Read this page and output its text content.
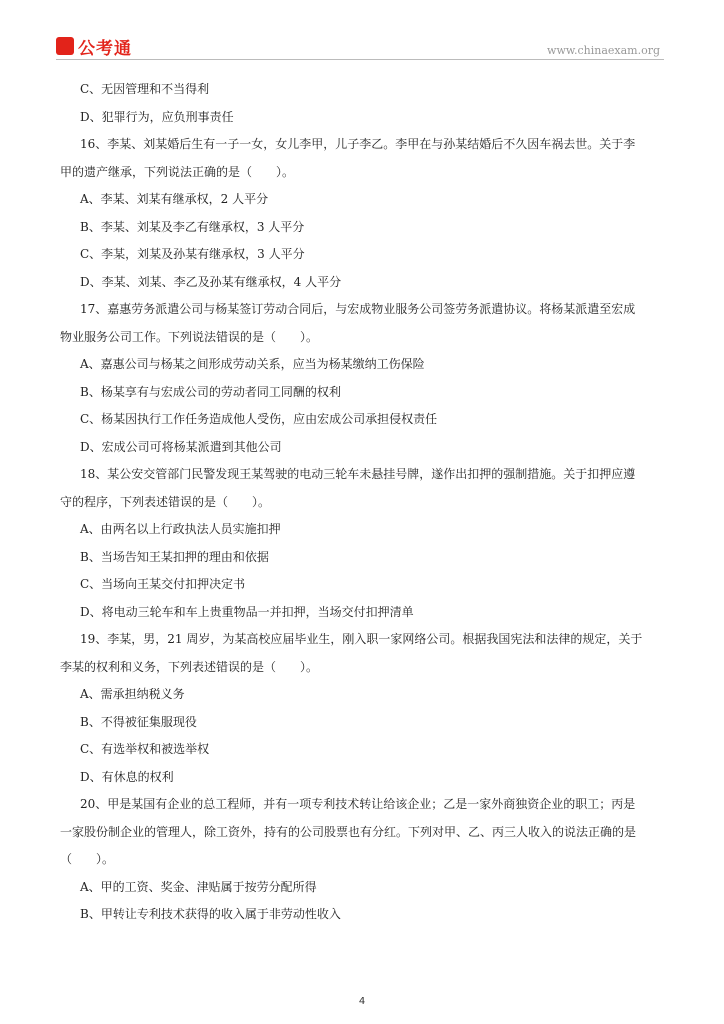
公考通	www.chinaexam.org
C、无因管理和不当得利
D、犯罪行为，应负刑事责任
16、李某、刘某婚后生有一子一女，女儿李甲，儿子李乙。李甲在与孙某结婚后不久因车祸去世。关于李
甲的遗产继承，下列说法正确的是（　　）。
A、李某、刘某有继承权，2 人平分
B、李某、刘某及李乙有继承权，3 人平分
C、李某，刘某及孙某有继承权，3 人平分
D、李某、刘某、李乙及孙某有继承权，4 人平分
17、嘉惠劳务派遣公司与杨某签订劳动合同后，与宏成物业服务公司签劳务派遣协议。将杨某派遣至宏成
物业服务公司工作。下列说法错误的是（　　）。
A、嘉惠公司与杨某之间形成劳动关系，应当为杨某缴纳工伤保险
B、杨某享有与宏成公司的劳动者同工同酬的权利
C、杨某因执行工作任务造成他人受伤，应由宏成公司承担侵权责任
D、宏成公司可将杨某派遣到其他公司
18、某公安交管部门民警发现王某驾驶的电动三轮车未悬挂号牌，遂作出扣押的强制措施。关于扣押应遵
守的程序，下列表述错误的是（　　）。
A、由两名以上行政执法人员实施扣押
B、当场告知王某扣押的理由和依据
C、当场向王某交付扣押决定书
D、将电动三轮车和车上贵重物品一并扣押，当场交付扣押清单
19、李某，男，21 周岁，为某高校应届毕业生，刚入职一家网络公司。根据我国宪法和法律的规定，关于
李某的权利和义务，下列表述错误的是（　　）。
A、需承担纳税义务
B、不得被征集服现役
C、有选举权和被选举权
D、有休息的权利
20、甲是某国有企业的总工程师，并有一项专利技术转让给该企业；乙是一家外商独资企业的职工；丙是
一家股份制企业的管理人，除工资外，持有的公司股票也有分红。下列对甲、乙、丙三人收入的说法正确的是
（　　）。
A、甲的工资、奖金、津贴属于按劳分配所得
B、甲转让专利技术获得的收入属于非劳动性收入
4
